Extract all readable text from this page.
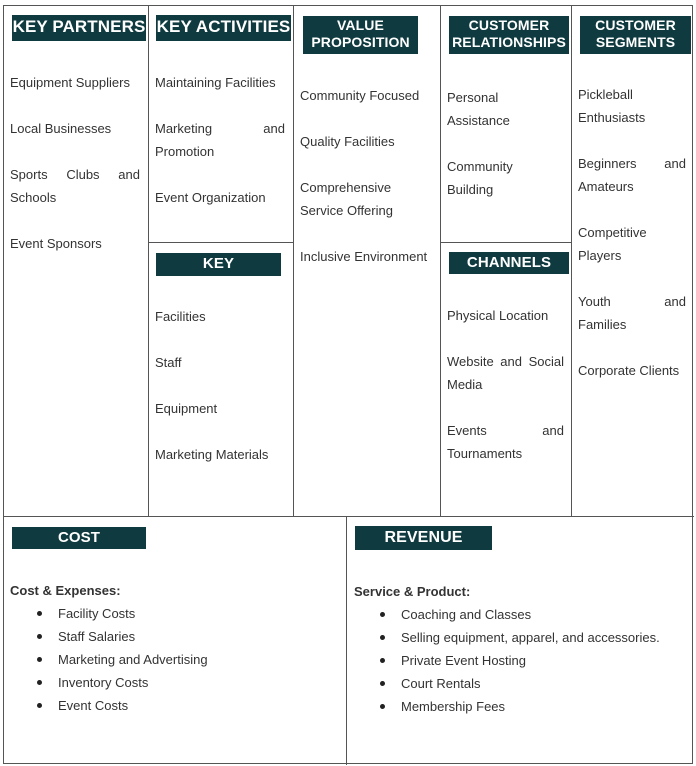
KEY PARTNERS
Equipment Suppliers
Local Businesses
Sports Clubs and
Schools
Event Sponsors
KEY ACTIVITIES
Maintaining Facilities
Marketing	and
Promotion
Event Organization
KEY RESOURCES
Facilities
Staff
Equipment
Marketing Materials
VALUE
PROPOSITION
Community Focused
Quality Facilities
Comprehensive
Service Offering
Inclusive Environment
CUSTOMER
RELATIONSHIPS
Personal
Assistance
Community
Building
CHANNELS
Physical Location
Website and Social
Media
Events	and
Tournaments
CUSTOMER
SEGMENTS
Pickleball
Enthusiasts
Beginners and
Amateurs
Competitive
Players
Youth	and
Families
Corporate Clients
COST STRUCTURE
Cost & Expenses:
Facility Costs
Staff Salaries
Marketing and Advertising
Inventory Costs
Event Costs
REVENUE
Service & Product:
Coaching and Classes
Selling equipment, apparel, and accessories.
Private Event Hosting
Court Rentals
Membership Fees
